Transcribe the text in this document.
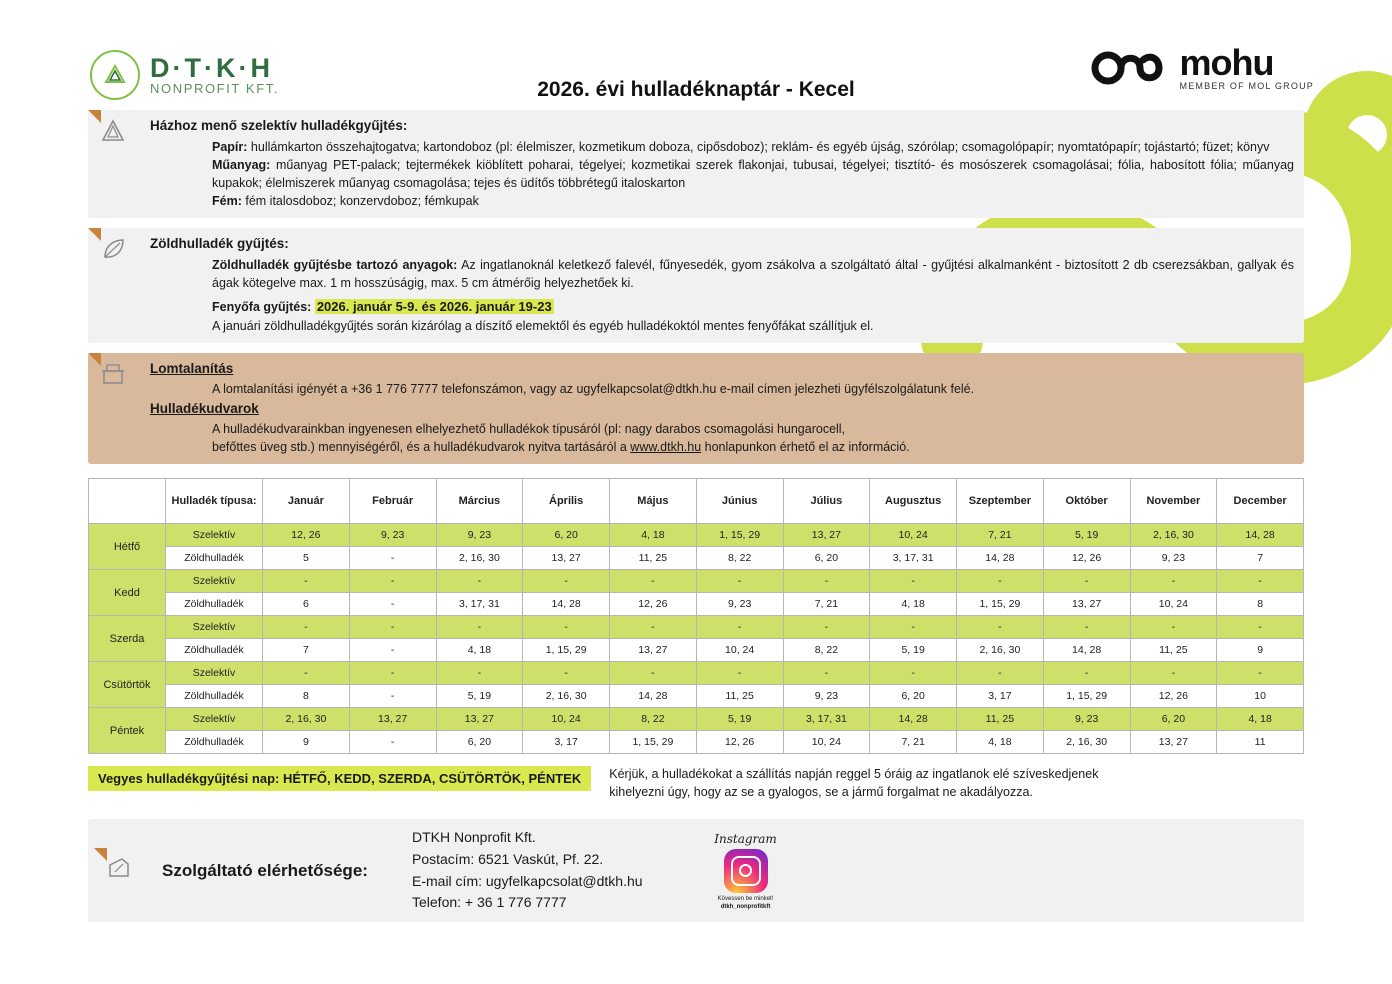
D·T·K·H
NONPROFIT KFT.	2026. évi hulladéknaptár - Kecel
mohu
MEMBER OF MOL GROUP
Házhoz menő szelektív hulladékgyűjtés:
Papír: hullámkarton összehajtogatva; kartondoboz (pl: élelmiszer, kozmetikum doboza, cipősdoboz); reklám- és egyéb újság, szórólap; csomagolópapír; nyomtatópapír; tojástartó; füzet; könyv
Műanyag: műanyag PET-palack; tejtermékek kiöblített poharai, tégelyei; kozmetikai szerek flakonjai, tubusai, tégelyei; tisztító- és mosószerek csomagolásai; fólia, habosított fólia; műanyag kupakok; élelmiszerek műanyag csomagolása; tejes és üdítős többrétegű italoskarton
Fém: fém italosdoboz; konzervdoboz; fémkupak
Zöldhulladék gyűjtés:
Zöldhulladék gyűjtésbe tartozó anyagok: Az ingatlanoknál keletkező falevél, fűnyesedék, gyom zsákolva a szolgáltató által - gyűjtési alkalmanként - biztosított 2 db cserezsákban, gallyak és ágak kötegelve max. 1 m hosszúságig, max. 5 cm átmérőig helyezhetőek ki.
Fenyőfa gyűjtés: 2026. január 5-9. és 2026. január 19-23
A januári zöldhulladékgyűjtés során kizárólag a díszítő elemektől és egyéb hulladékoktól mentes fenyőfákat szállítjuk el.
Lomtalanítás
A lomtalanítási igényét a +36 1 776 7777 telefonszámon, vagy az ugyfelkapcsolat@dtkh.hu e-mail címen jelezheti ügyfélszolgálatunk felé.
Hulladékudvarok
A hulladékudvarainkban ingyenesen elhelyezhető hulladékok típusáról (pl: nagy darabos csomagolási hungarocell,
befőttes üveg stb.) mennyiségéről, és a hulladékudvarok nyitva tartásáról a www.dtkh.hu honlapunkon érhető el az információ.
	Hulladék típusa:	Január	Február	Március	Április	Május	Június	Július	Augusztus	Szeptember	Október	November	December
Hétfő	Szelektív	12, 26	9, 23	9, 23	6, 20	4, 18	1, 15, 29	13, 27	10, 24	7, 21	5, 19	2, 16, 30	14, 28
	Zöldhulladék	5	-	2, 16, 30	13, 27	11, 25	8, 22	6, 20	3, 17, 31	14, 28	12, 26	9, 23	7
Kedd	Szelektív	-	-	-	-	-	-	-	-	-	-	-	-
	Zöldhulladék	6	-	3, 17, 31	14, 28	12, 26	9, 23	7, 21	4, 18	1, 15, 29	13, 27	10, 24	8
Szerda	Szelektív	-	-	-	-	-	-	-	-	-	-	-	-
	Zöldhulladék	7	-	4, 18	1, 15, 29	13, 27	10, 24	8, 22	5, 19	2, 16, 30	14, 28	11, 25	9
Csütörtök	Szelektív	-	-	-	-	-	-	-	-	-	-	-	-
	Zöldhulladék	8	-	5, 19	2, 16, 30	14, 28	11, 25	9, 23	6, 20	3, 17	1, 15, 29	12, 26	10
Péntek	Szelektív	2, 16, 30	13, 27	13, 27	10, 24	8, 22	5, 19	3, 17, 31	14, 28	11, 25	9, 23	6, 20	4, 18
	Zöldhulladék	9	-	6, 20	3, 17	1, 15, 29	12, 26	10, 24	7, 21	4, 18	2, 16, 30	13, 27	11
Vegyes hulladékgyűjtési nap: HÉTFŐ, KEDD, SZERDA, CSÜTÖRTÖK, PÉNTEK	Kérjük, a hulladékokat a szállítás napján reggel 5 óráig az ingatlanok elé szíveskedjenek
kihelyezni úgy, hogy az se a gyalogos, se a jármű forgalmat ne akadályozza.
Szolgáltató elérhetősége:
DTKH Nonprofit Kft.
Postacím: 6521 Vaskút, Pf. 22.
E-mail cím: ugyfelkapcsolat@dtkh.hu
Telefon: + 36 1 776 7777
Instagram
Kövessen be minket!
dtkh_nonprofitkft
